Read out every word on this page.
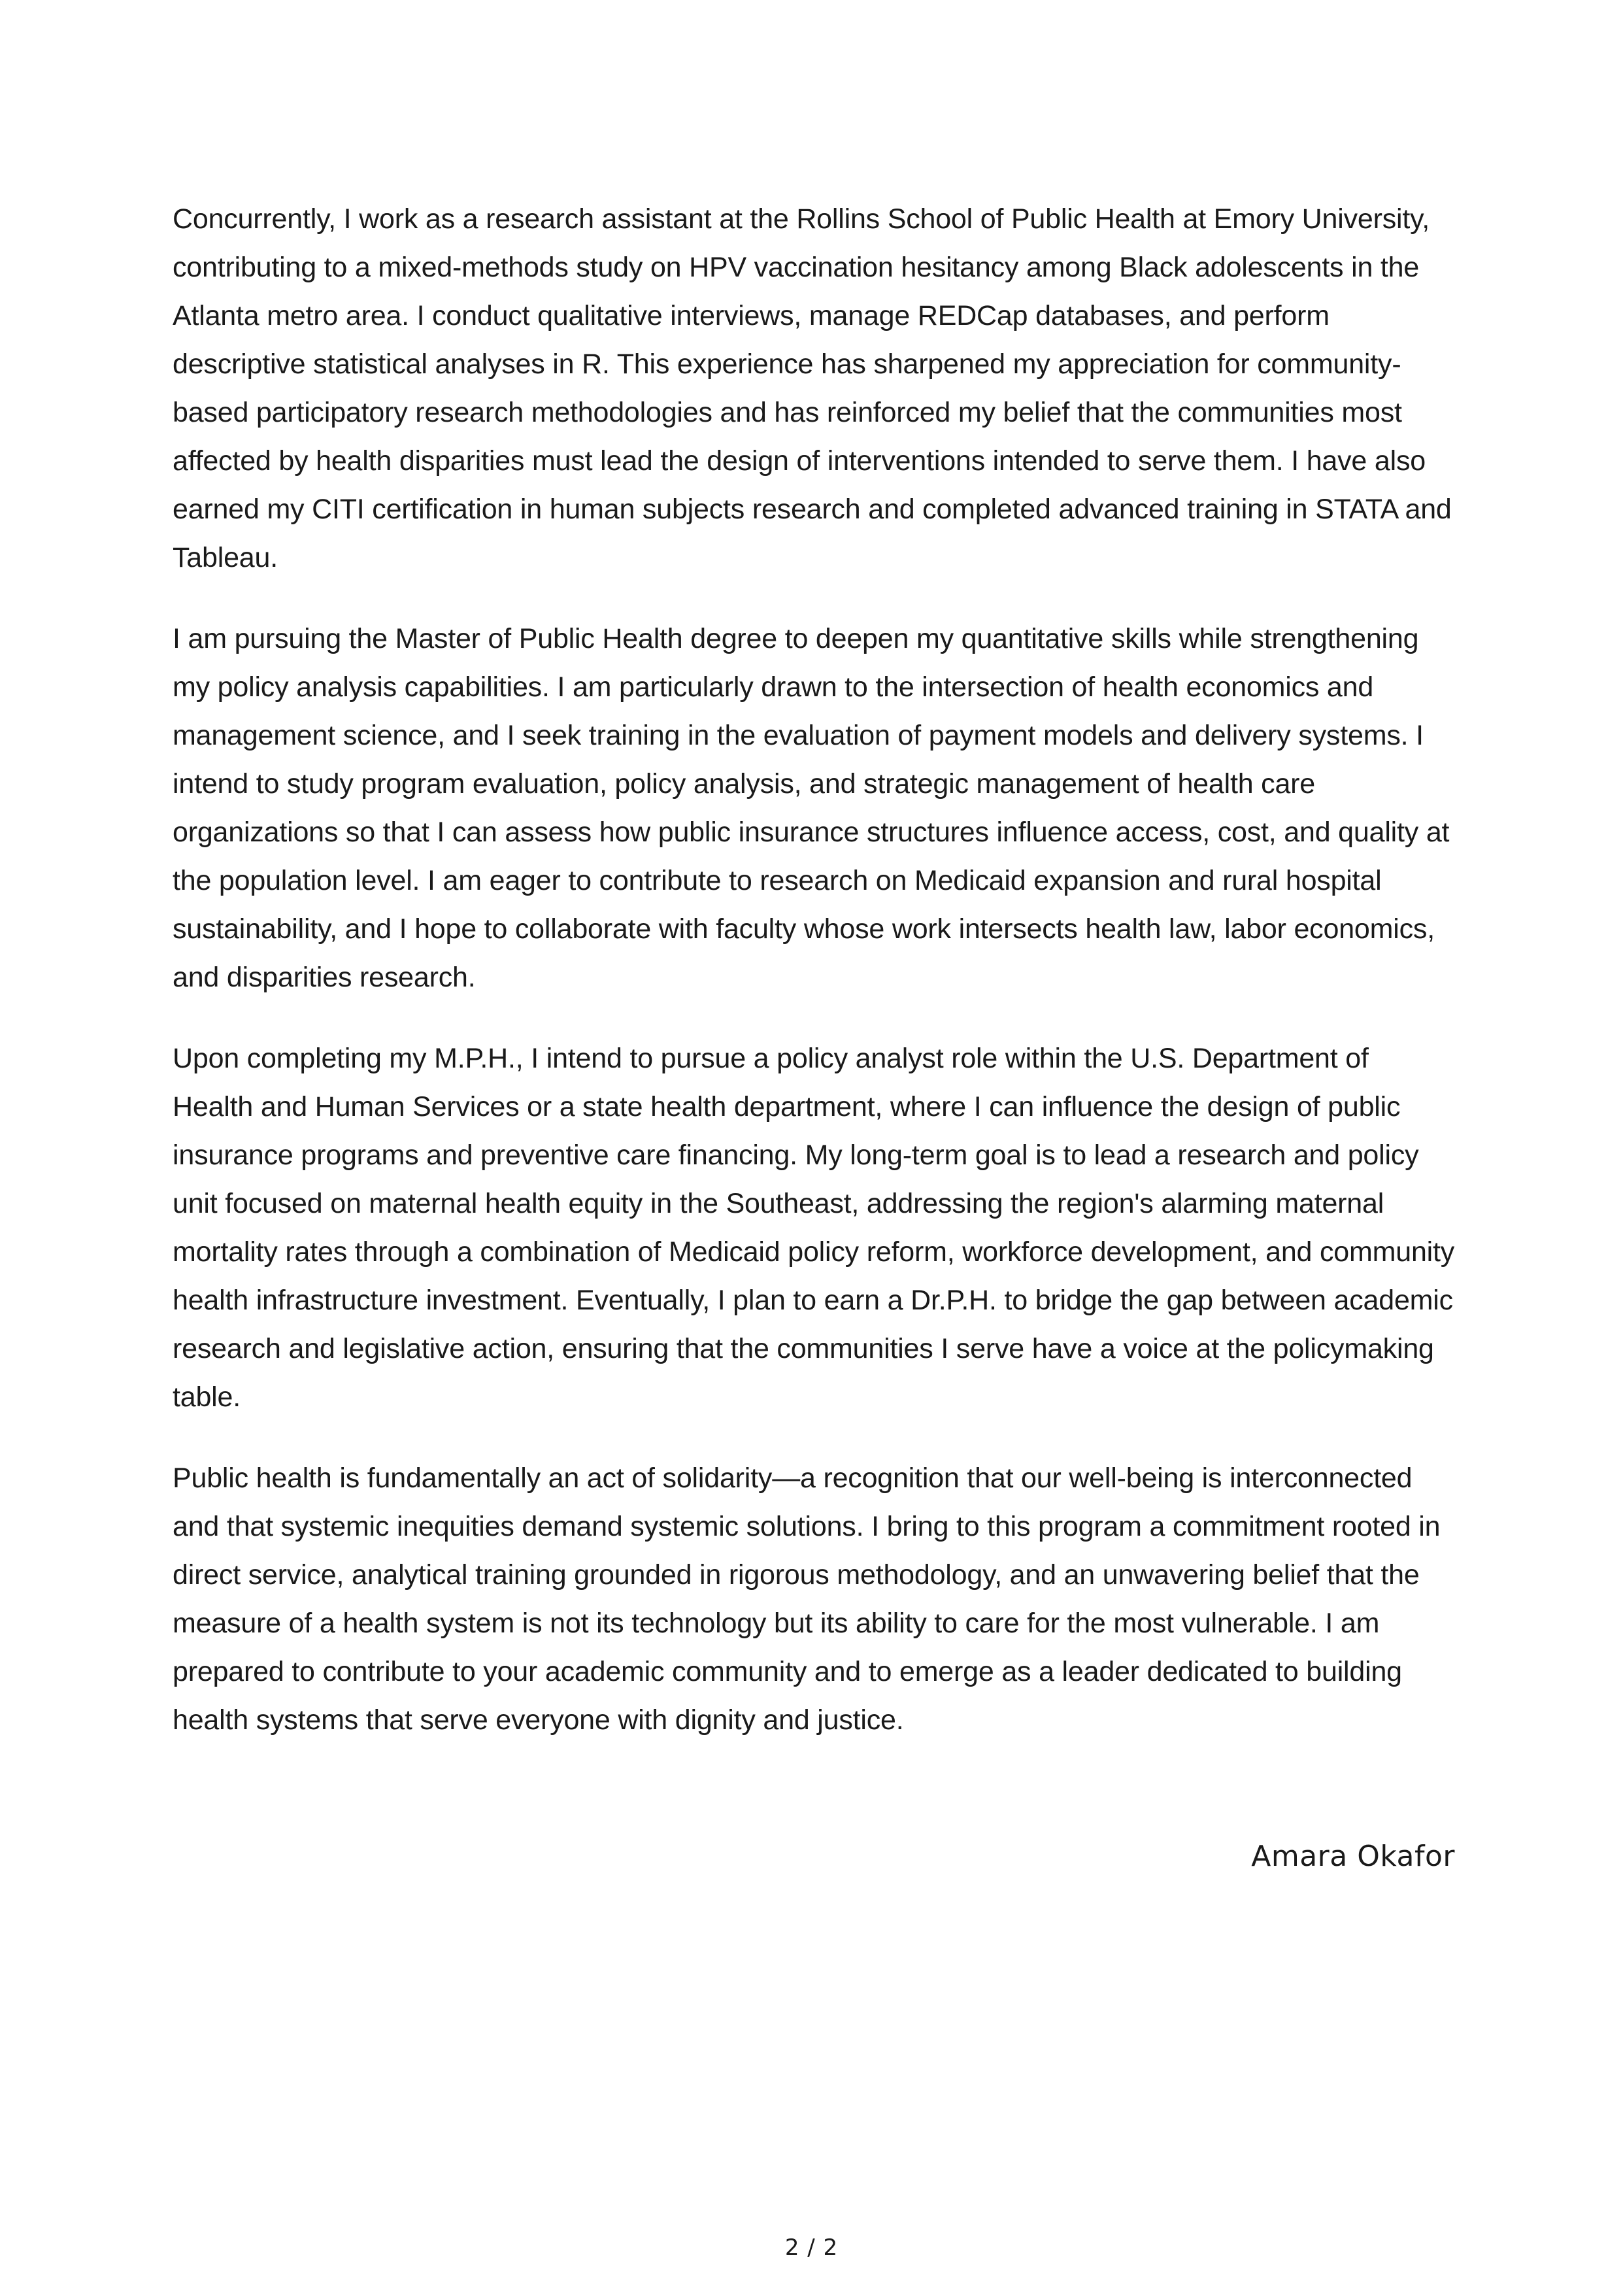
Concurrently, I work as a research assistant at the Rollins School of Public Health at Emory University, contributing to a mixed-methods study on HPV vaccination hesitancy among Black adolescents in the Atlanta metro area. I conduct qualitative interviews, manage REDCap databases, and perform descriptive statistical analyses in R. This experience has sharpened my appreciation for community-based participatory research methodologies and has reinforced my belief that the communities most affected by health disparities must lead the design of interventions intended to serve them. I have also earned my CITI certification in human subjects research and completed advanced training in STATA and Tableau.

I am pursuing the Master of Public Health degree to deepen my quantitative skills while strengthening my policy analysis capabilities. I am particularly drawn to the intersection of health economics and management science, and I seek training in the evaluation of payment models and delivery systems. I intend to study program evaluation, policy analysis, and strategic management of health care organizations so that I can assess how public insurance structures influence access, cost, and quality at the population level. I am eager to contribute to research on Medicaid expansion and rural hospital sustainability, and I hope to collaborate with faculty whose work intersects health law, labor economics, and disparities research.

Upon completing my M.P.H., I intend to pursue a policy analyst role within the U.S. Department of Health and Human Services or a state health department, where I can influence the design of public insurance programs and preventive care financing. My long-term goal is to lead a research and policy unit focused on maternal health equity in the Southeast, addressing the region's alarming maternal mortality rates through a combination of Medicaid policy reform, workforce development, and community health infrastructure investment. Eventually, I plan to earn a Dr.P.H. to bridge the gap between academic research and legislative action, ensuring that the communities I serve have a voice at the policymaking table.

Public health is fundamentally an act of solidarity—a recognition that our well-being is interconnected and that systemic inequities demand systemic solutions. I bring to this program a commitment rooted in direct service, analytical training grounded in rigorous methodology, and an unwavering belief that the measure of a health system is not its technology but its ability to care for the most vulnerable. I am prepared to contribute to your academic community and to emerge as a leader dedicated to building health systems that serve everyone with dignity and justice.

Amara Okafor
2 / 2
